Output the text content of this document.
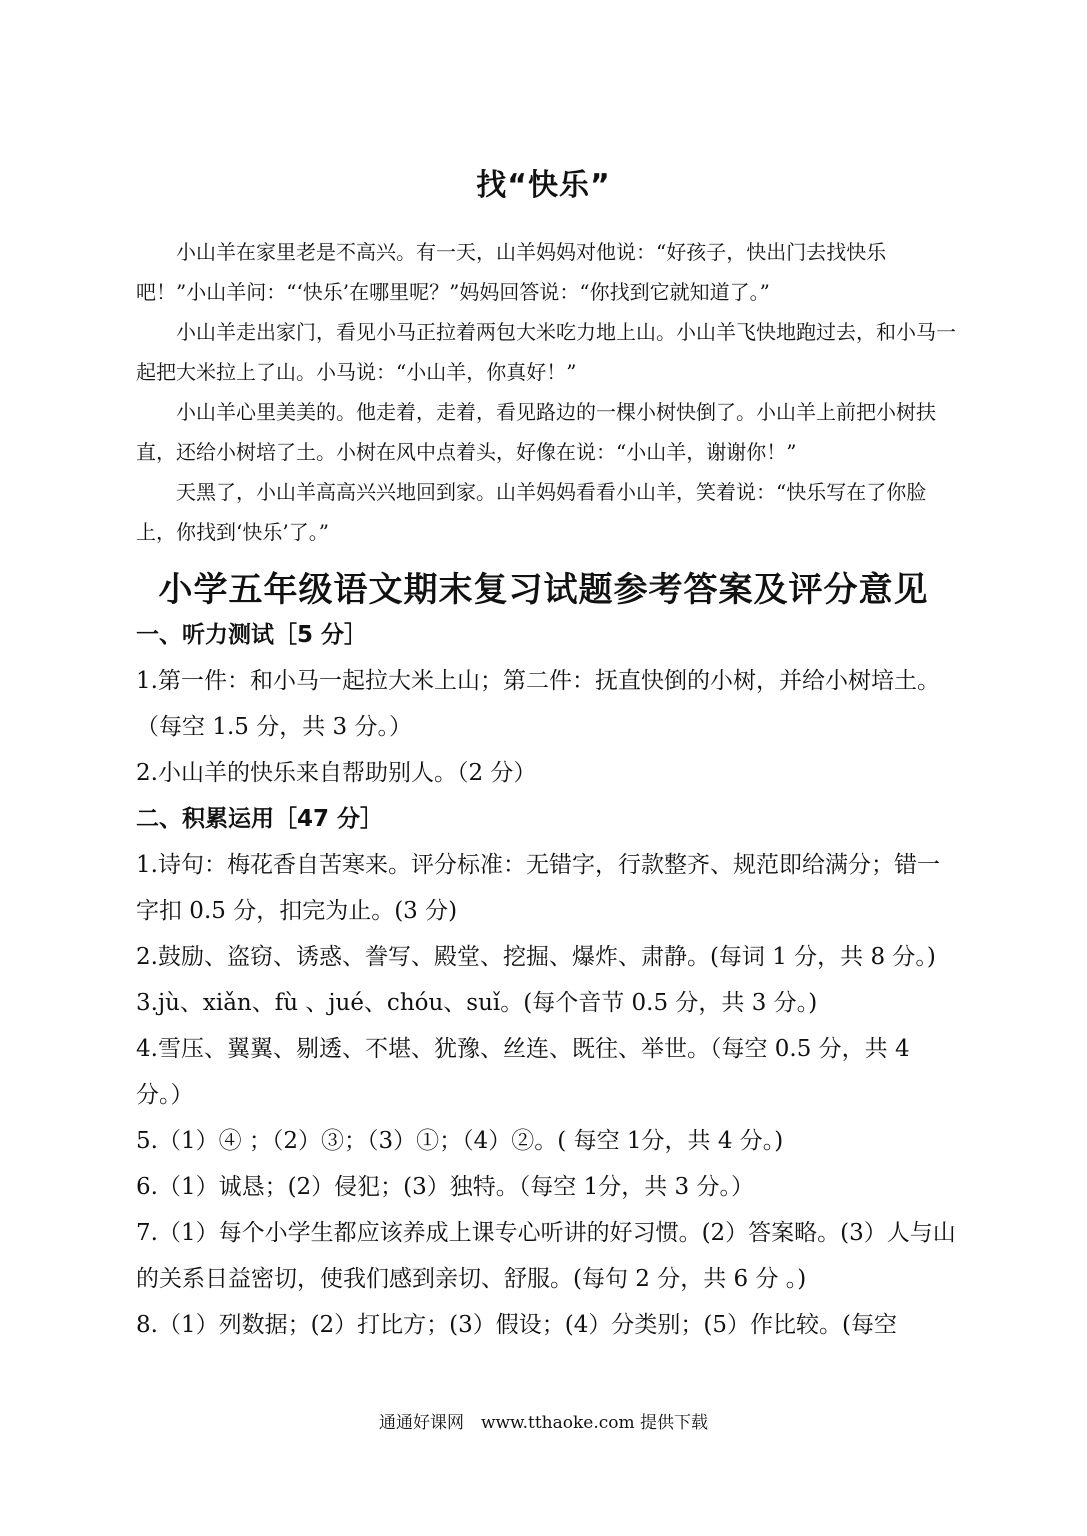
找“快乐”

小山羊在家里老是不高兴。有一天，山羊妈妈对他说：“好孩子，快出门去找快乐吧！”小山羊问：“‘快乐’在哪里呢？”妈妈回答说：“你找到它就知道了。”

小山羊走出家门，看见小马正拉着两包大米吃力地上山。小山羊飞快地跑过去，和小马一起把大米拉上了山。小马说：“小山羊，你真好！”

小山羊心里美美的。他走着，走着，看见路边的一棵小树快倒了。小山羊上前把小树扶直，还给小树培了土。小树在风中点着头，好像在说：“小山羊，谢谢你！”

天黑了，小山羊高高兴兴地回到家。山羊妈妈看看小山羊，笑着说：“快乐写在了你脸上，你找到‘快乐’了。”

小学五年级语文期末复习试题参考答案及评分意见

一、听力测试［5 分］

1.第一件：和小马一起拉大米上山；第二件：抚直快倒的小树，并给小树培土。（每空 1.5 分，共 3 分。）

2.小山羊的快乐来自帮助别人。（2 分）

二、积累运用［47 分］

1.诗句：梅花香自苦寒来。评分标准：无错字，行款整齐、规范即给满分；错一字扣 0.5 分，扣完为止。(3 分)

2.鼓励、盗窃、诱惑、誊写、殿堂、挖掘、爆炸、肃静。(每词 1 分，共 8 分。)

3.jù、xiǎn、fù 、jué、chóu、suǐ。(每个音节 0.5 分，共 3 分。)

4.雪压、翼翼、剔透、不堪、犹豫、丝连、既往、举世。（每空 0.5 分，共 4 分。）

5.（1）④ ；（2）③；（3）①；（4）②。( 每空 1分，共 4 分。)

6.（1）诚恳；(2）侵犯；(3）独特。（每空 1分，共 3 分。）

7.（1）每个小学生都应该养成上课专心听讲的好习惯。(2）答案略。(3）人与山的关系日益密切，使我们感到亲切、舒服。(每句 2 分，共 6 分 。)

8.（1）列数据；(2）打比方；(3）假设；(4）分类别；(5）作比较。(每空

通通好课网　www.tthaoke.com 提供下载
